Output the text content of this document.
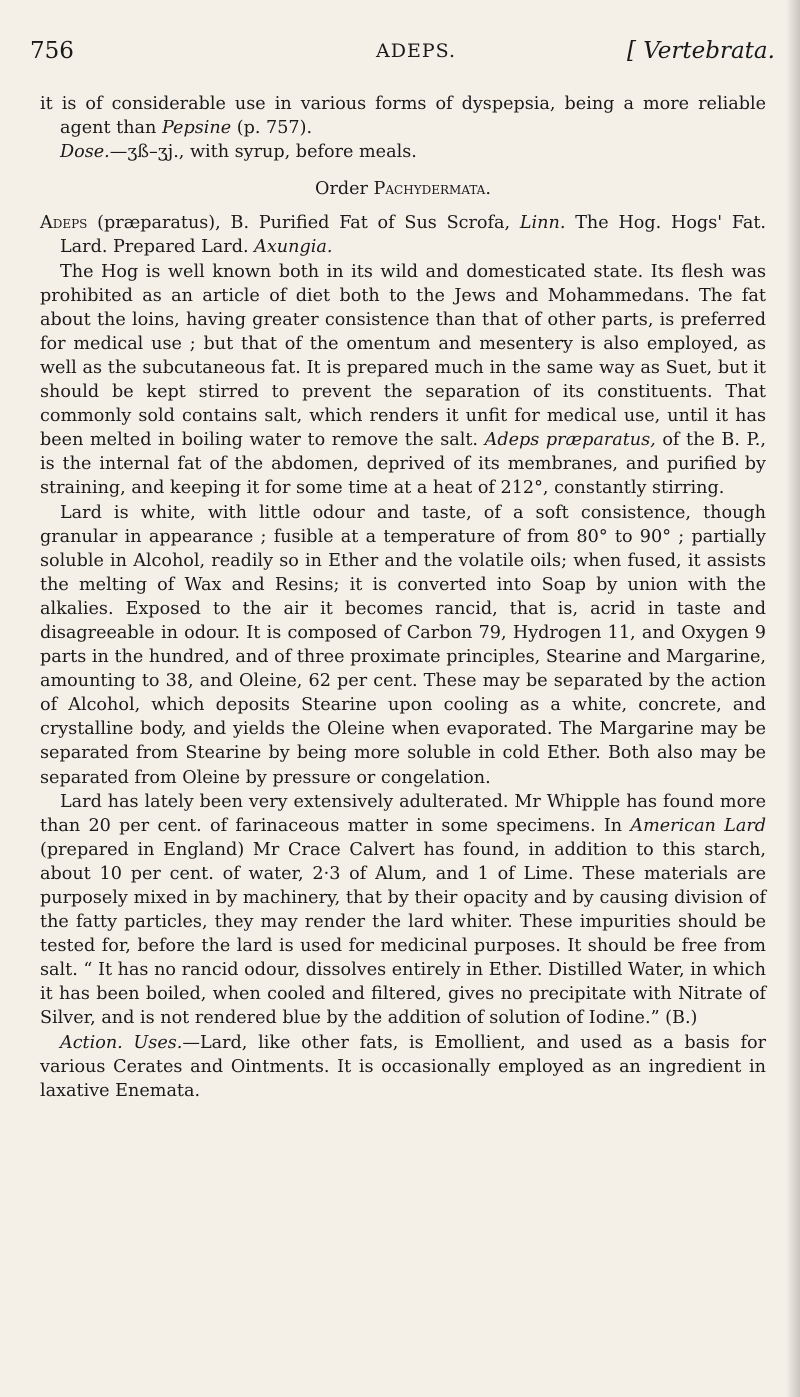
756	ADEPS.	[ Vertebrata.

it is of considerable use in various forms of dyspepsia, being a more reliable agent than Pepsine (p. 757).

Dose.—ʒß–ʒj., with syrup, before meals.

Order Pachydermata.

Adeps (præparatus), B. Purified Fat of Sus Scrofa, Linn. The Hog. Hogs' Fat. Lard. Prepared Lard. Axungia.

The Hog is well known both in its wild and domesticated state. Its flesh was prohibited as an article of diet both to the Jews and Mohammedans. The fat about the loins, having greater consistence than that of other parts, is preferred for medical use ; but that of the omentum and mesentery is also employed, as well as the subcutaneous fat. It is prepared much in the same way as Suet, but it should be kept stirred to prevent the separation of its constituents. That commonly sold contains salt, which renders it unfit for medical use, until it has been melted in boiling water to remove the salt. Adeps præparatus, of the B. P., is the internal fat of the abdomen, deprived of its membranes, and purified by straining, and keeping it for some time at a heat of 212°, constantly stirring.

Lard is white, with little odour and taste, of a soft consistence, though granular in appearance ; fusible at a temperature of from 80° to 90° ; partially soluble in Alcohol, readily so in Ether and the volatile oils; when fused, it assists the melting of Wax and Resins; it is converted into Soap by union with the alkalies. Exposed to the air it becomes rancid, that is, acrid in taste and disagreeable in odour. It is composed of Carbon 79, Hydrogen 11, and Oxygen 9 parts in the hundred, and of three proximate principles, Stearine and Margarine, amounting to 38, and Oleine, 62 per cent. These may be separated by the action of Alcohol, which deposits Stearine upon cooling as a white, concrete, and crystalline body, and yields the Oleine when evaporated. The Margarine may be separated from Stearine by being more soluble in cold Ether. Both also may be separated from Oleine by pressure or congelation.

Lard has lately been very extensively adulterated. Mr Whipple has found more than 20 per cent. of farinaceous matter in some specimens. In American Lard (prepared in England) Mr Crace Calvert has found, in addition to this starch, about 10 per cent. of water, 2·3 of Alum, and 1 of Lime. These materials are purposely mixed in by machinery, that by their opacity and by causing division of the fatty particles, they may render the lard whiter. These impurities should be tested for, before the lard is used for medicinal purposes. It should be free from salt. “ It has no rancid odour, dissolves entirely in Ether. Distilled Water, in which it has been boiled, when cooled and filtered, gives no precipitate with Nitrate of Silver, and is not rendered blue by the addition of solution of Iodine.” (B.)

Action. Uses.—Lard, like other fats, is Emollient, and used as a basis for various Cerates and Ointments. It is occasionally employed as an ingredient in laxative Enemata.
